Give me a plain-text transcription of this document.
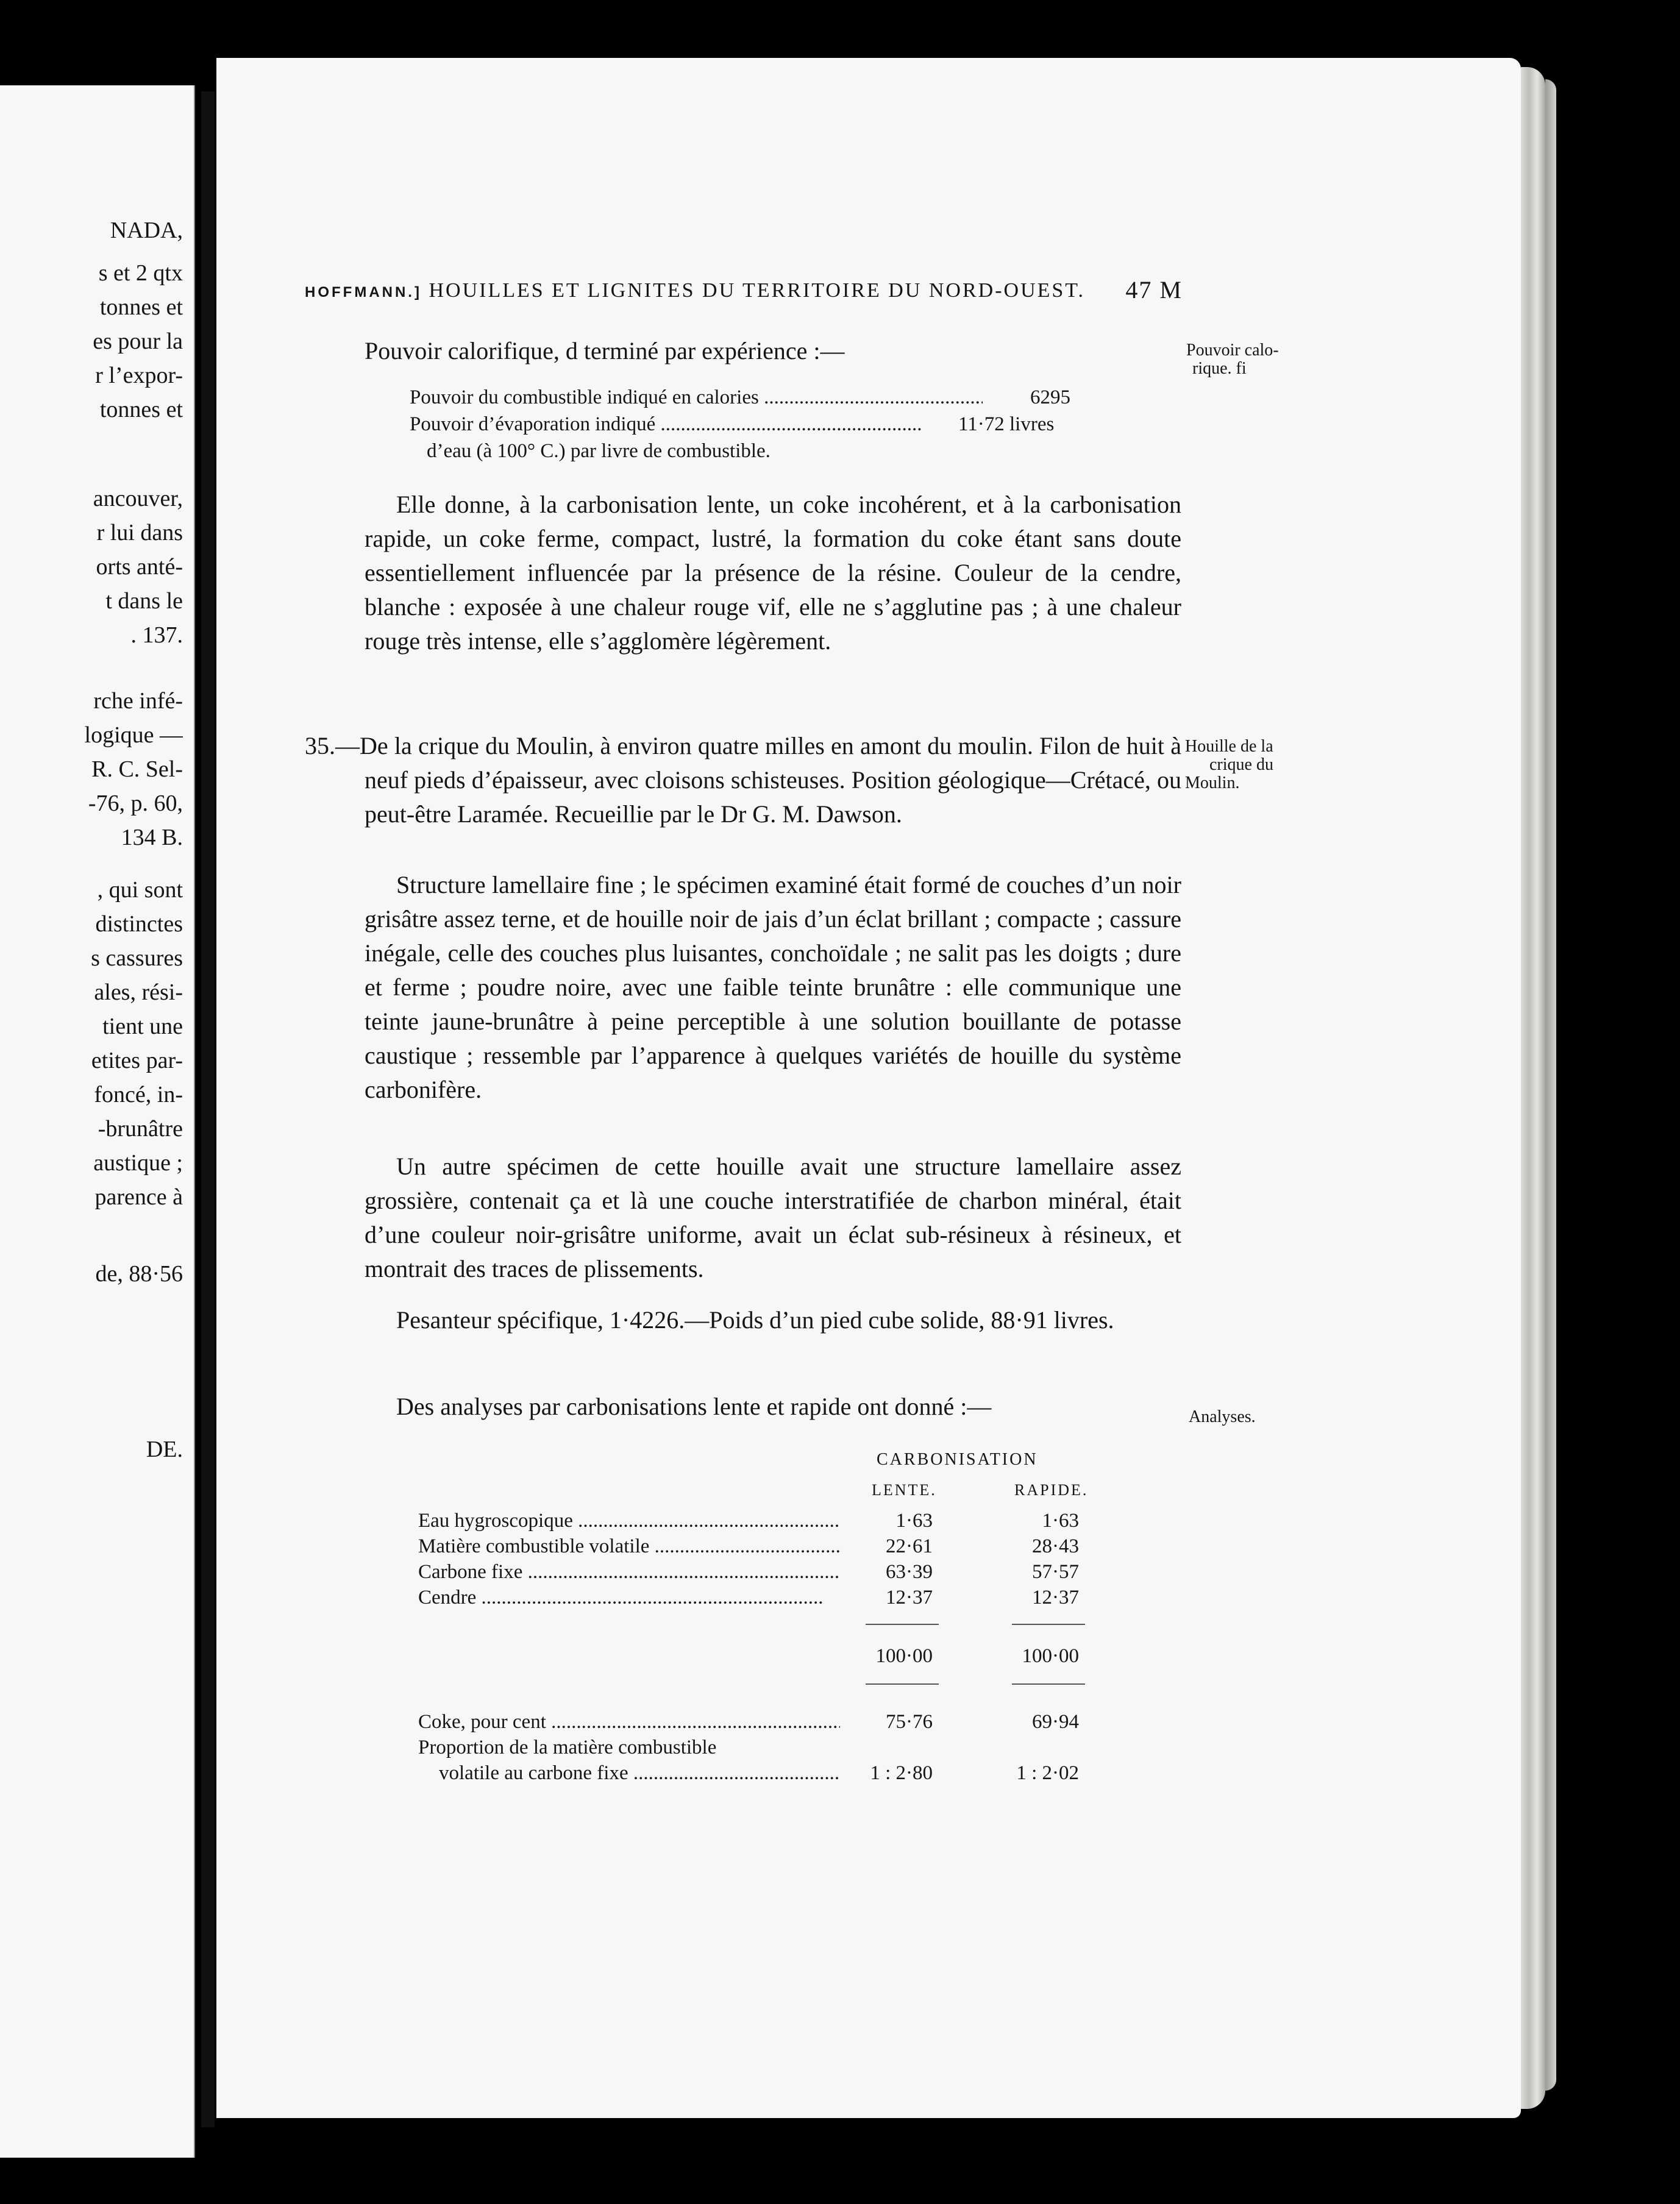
NADA,
s et 2 qtx
tonnes et
es pour la
r l’expor-
tonnes et
ancouver,
r lui dans
orts anté-
t dans le
. 137.
rche infé-
logique —
R. C. Sel-
-76, p. 60,
134 B.
, qui sont
distinctes
s cassures
ales, rési-
tient une
etites par-
foncé, in-
-brunâtre
austique ;
parence à
de, 88·56
DE.
HOFFMANN.] HOUILLES ET LIGNITES DU TERRITOIRE DU NORD-OUEST. 47 M
Pouvoir calorifique, d terminé par expérience :—	Pouvoir calo-
rique. fi
Pouvoir du combustible indiqué en calories .....	6295
Pouvoir d’évaporation indiqué .....	11·72 livres
d’eau (à 100° C.) par livre de combustible.
Elle donne, à la carbonisation lente, un coke incohérent, et à la carbonisation rapide, un coke ferme, compact, lustré, la formation du coke étant sans doute essentiellement influencée par la présence de la résine. Couleur de la cendre, blanche : exposée à une chaleur rouge vif, elle ne s’agglutine pas ; à une chaleur rouge très intense, elle s’agglomère légèrement.
35.—De la crique du Moulin, à environ quatre milles en amont du moulin. Filon de huit à neuf pieds d’épaisseur, avec cloisons schisteuses. Position géologique—Crétacé, ou peut-être Laramée. Recueillie par le Dr G. M. Dawson.
Houille de la
crique du
Moulin.
Structure lamellaire fine ; le spécimen examiné était formé de couches d’un noir grisâtre assez terne, et de houille noir de jais d’un éclat brillant ; compacte ; cassure inégale, celle des couches plus luisantes, conchoïdale ; ne salit pas les doigts ; dure et ferme ; poudre noire, avec une faible teinte brunâtre : elle communique une teinte jaune-brunâtre à peine perceptible à une solution bouillante de potasse caustique ; ressemble par l’apparence à quelques variétés de houille du système carbonifère.
Un autre spécimen de cette houille avait une structure lamellaire assez grossière, contenait ça et là une couche interstratifiée de charbon minéral, était d’une couleur noir-grisâtre uniforme, avait un éclat sub-résineux à résineux, et montrait des traces de plissements.
Pesanteur spécifique, 1·4226.—Poids d’un pied cube solide, 88·91 livres.
Des analyses par carbonisations lente et rapide ont donné :—	Analyses.
CARBONISATION
LENTE.	RAPIDE.
Eau hygroscopique .....	1·63	1·63
Matière combustible volatile .....	22·61	28·43
Carbone fixe .....	63·39	57·57
Cendre .....	12·37	12·37
100·00	100·00
Coke, pour cent .....	75·76	69·94
Proportion de la matière combustible
volatile au carbone fixe .....	1 : 2·80	1 : 2·02
